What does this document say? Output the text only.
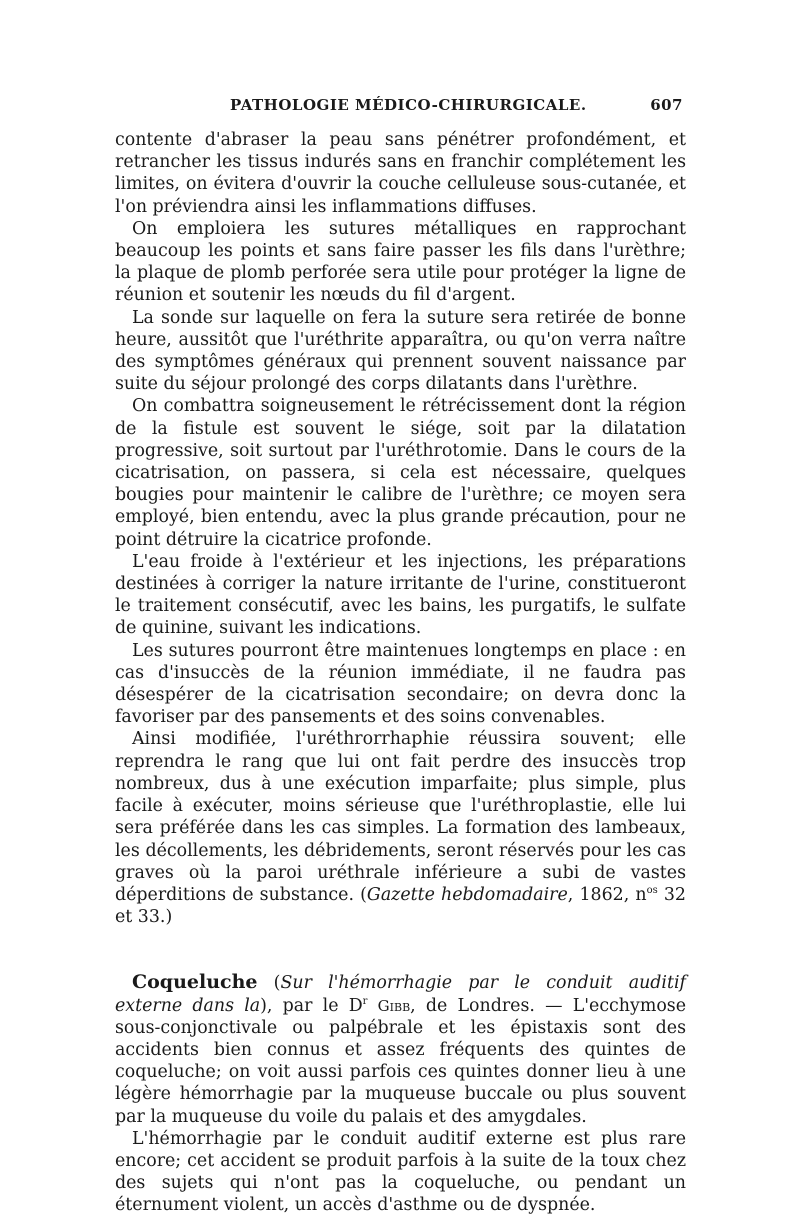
PATHOLOGIE MÉDICO-CHIRURGICALE.	607

contente d'abraser la peau sans pénétrer profondément, et retrancher les tissus indurés sans en franchir complétement les limites, on évitera d'ouvrir la couche celluleuse sous-cutanée, et l'on préviendra ainsi les inflammations diffuses.

On emploiera les sutures métalliques en rapprochant beaucoup les points et sans faire passer les fils dans l'urèthre; la plaque de plomb perforée sera utile pour protéger la ligne de réunion et soutenir les nœuds du fil d'argent.

La sonde sur laquelle on fera la suture sera retirée de bonne heure, aussitôt que l'uréthrite apparaîtra, ou qu'on verra naître des symptômes généraux qui prennent souvent naissance par suite du séjour prolongé des corps dilatants dans l'urèthre.

On combattra soigneusement le rétrécissement dont la région de la fistule est souvent le siége, soit par la dilatation progressive, soit surtout par l'uréthrotomie. Dans le cours de la cicatrisation, on passera, si cela est nécessaire, quelques bougies pour maintenir le calibre de l'urèthre; ce moyen sera employé, bien entendu, avec la plus grande précaution, pour ne point détruire la cicatrice profonde.

L'eau froide à l'extérieur et les injections, les préparations destinées à corriger la nature irritante de l'urine, constitueront le traitement consécutif, avec les bains, les purgatifs, le sulfate de quinine, suivant les indications.

Les sutures pourront être maintenues longtemps en place : en cas d'insuccès de la réunion immédiate, il ne faudra pas désespérer de la cicatrisation secondaire; on devra donc la favoriser par des pansements et des soins convenables.

Ainsi modifiée, l'uréthrorrhaphie réussira souvent; elle reprendra le rang que lui ont fait perdre des insuccès trop nombreux, dus à une exécution imparfaite; plus simple, plus facile à exécuter, moins sérieuse que l'uréthroplastie, elle lui sera préférée dans les cas simples. La formation des lambeaux, les décollements, les débridements, seront réservés pour les cas graves où la paroi uréthrale inférieure a subi de vastes déperditions de substance. (Gazette hebdomadaire, 1862, $n^{os}$ 32 et 33.)

Coqueluche (Sur l'hémorrhagie par le conduit auditif externe dans la), par le $D^r$ Gibb, de Londres. — L'ecchymose sous-conjonctivale ou palpébrale et les épistaxis sont des accidents bien connus et assez fréquents des quintes de coqueluche; on voit aussi parfois ces quintes donner lieu à une légère hémorrhagie par la muqueuse buccale ou plus souvent par la muqueuse du voile du palais et des amygdales.

L'hémorrhagie par le conduit auditif externe est plus rare encore; cet accident se produit parfois à la suite de la toux chez des sujets qui n'ont pas la coqueluche, ou pendant un éternument violent, un accès d'asthme ou de dyspnée.
